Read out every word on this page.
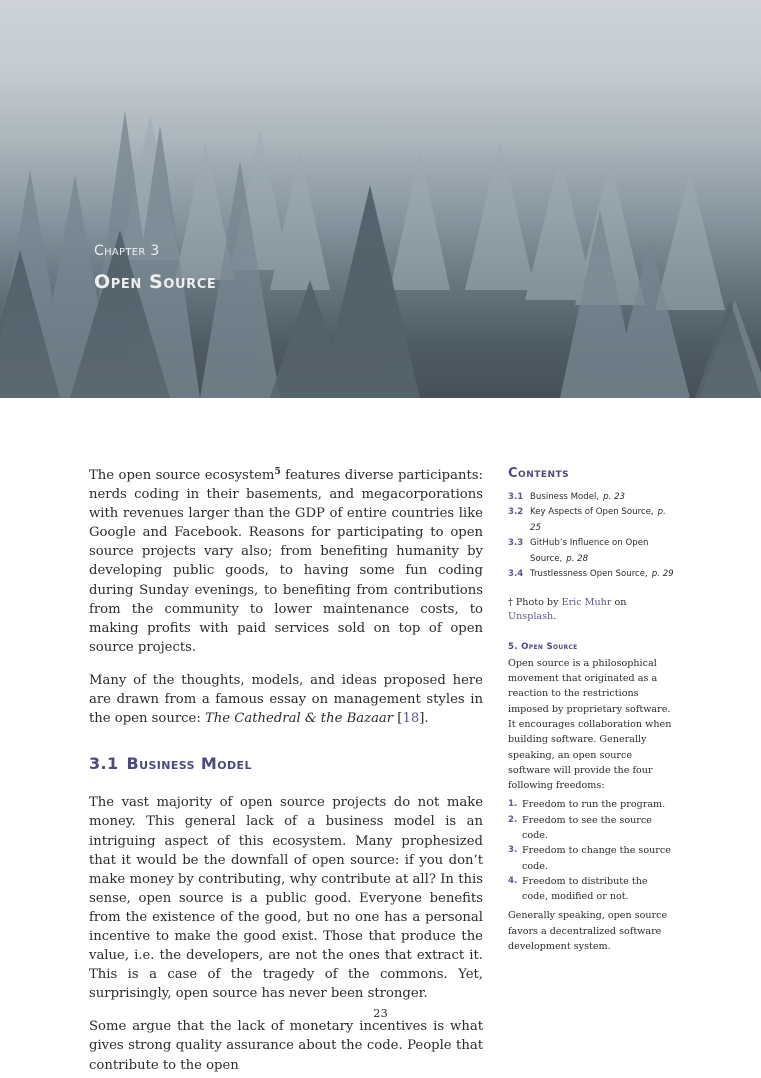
Chapter 3
Open Source

The open source ecosystem$^5$ features diverse participants: nerds coding in their basements, and megacorporations with revenues larger than the GDP of entire countries like Google and Facebook. Reasons for participating to open source projects vary also; from benefiting humanity by developing public goods, to having some fun coding during Sunday evenings, to benefiting from contributions from the community to lower maintenance costs, to making profits with paid services sold on top of open source projects.

Many of the thoughts, models, and ideas proposed here are drawn from a famous essay on management styles in the open source: The Cathedral & the Bazaar [18].

3.1 Business Model

The vast majority of open source projects do not make money. This general lack of a business model is an intriguing aspect of this ecosystem. Many prophesized that it would be the downfall of open source: if you don’t make money by contributing, why contribute at all? In this sense, open source is a public good. Everyone benefits from the existence of the good, but no one has a personal incentive to make the good exist. Those that produce the value, i.e. the developers, are not the ones that extract it. This is a case of the tragedy of the commons. Yet, surprisingly, open source has never been stronger.

Some argue that the lack of monetary incentives is what gives strong quality assurance about the code. People that contribute to the open

Contents
3.1 Business Model, p. 23
3.2 Key Aspects of Open Source, p. 25
3.3 GitHub’s Influence on Open Source, p. 28
3.4 Trustlessness Open Source, p. 29
† Photo by Eric Muhr on Unsplash.
5. Open Source
Open source is a philosophical movement that originated as a reaction to the restrictions imposed by proprietary software. It encourages collaboration when building software. Generally speaking, an open source software will provide the four following freedoms:
1. Freedom to run the program.
2. Freedom to see the source code.
3. Freedom to change the source code.
4. Freedom to distribute the code, modified or not.
Generally speaking, open source favors a decentralized software development system.
23
